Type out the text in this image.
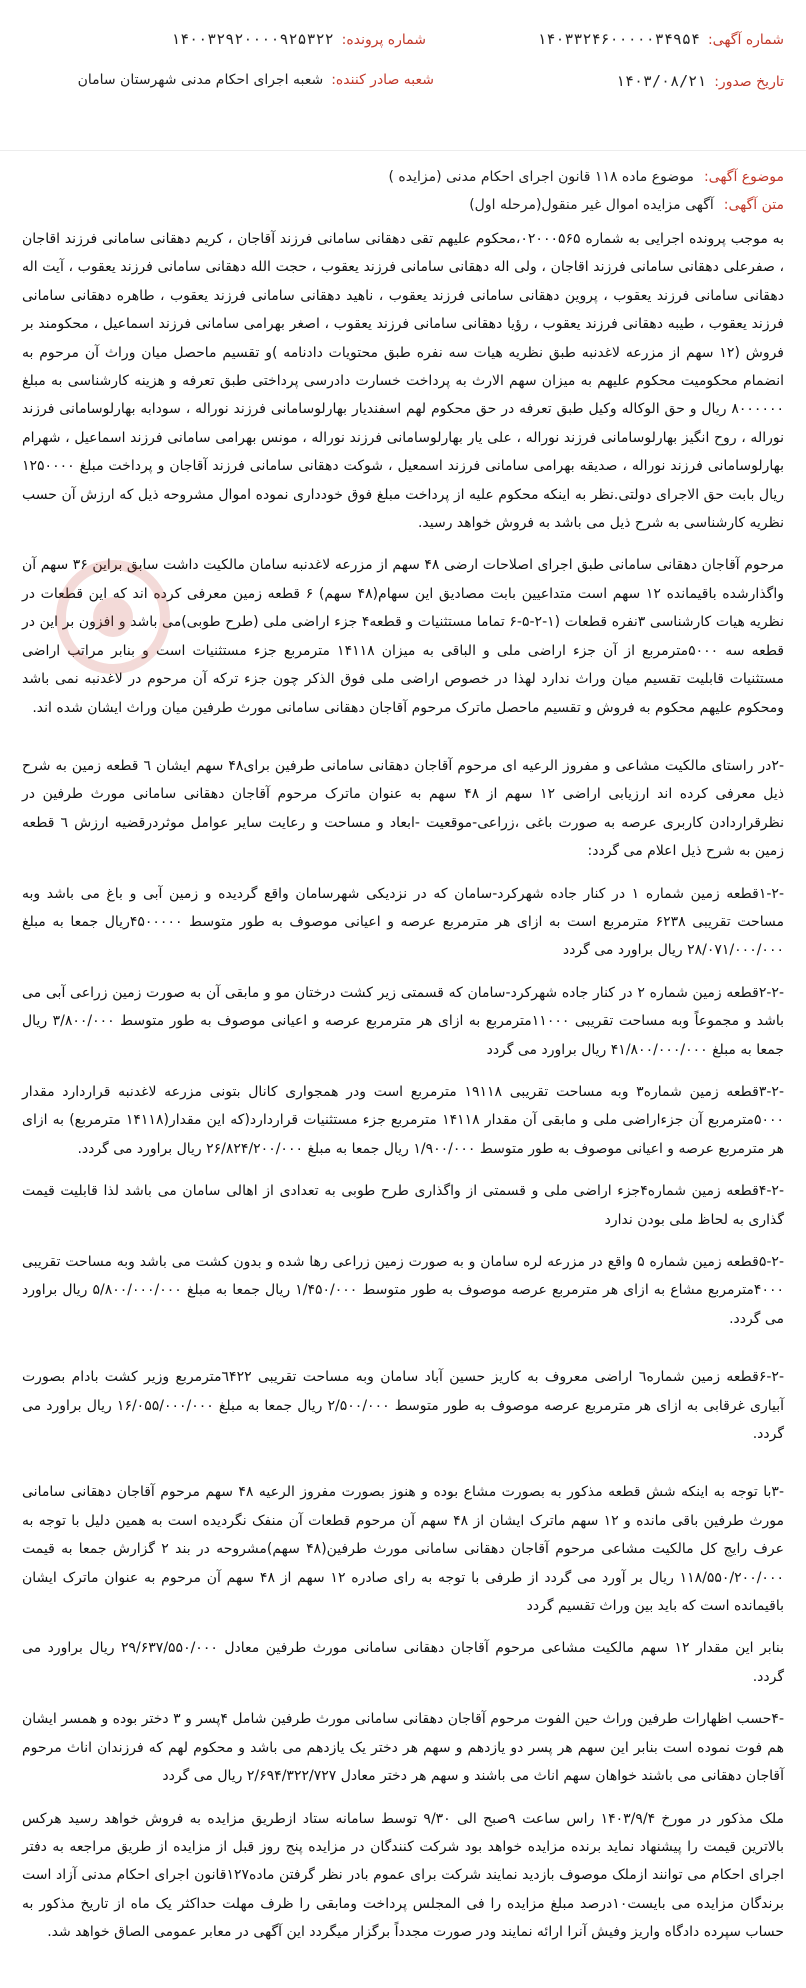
شماره آگهی:
۱۴۰۳۳۲۴۶۰۰۰۰۰۳۴۹۵۴
شماره پرونده:
۱۴۰۰۳۲۹۲۰۰۰۰۹۲۵۳۲۲
تاریخ صدور:
۱۴۰۳/۰۸/۲۱
شعبه صادر کننده:
شعبه اجرای احکام مدنی شهرستان سامان
موضوع آگهی:
موضوع ماده ۱۱۸ قانون اجرای احکام مدنی (مزایده )
متن آگهی:
آگهی مزایده اموال غیر منقول(مرحله اول)

به موجب پرونده اجرایی به شماره ۰۲۰۰۰۵۶۵،محکوم علیهم تقی دهقانی سامانی فرزند آقاجان ، کریم دهقانی سامانی فرزند اقاجان ، صفرعلی دهقانی سامانی فرزند اقاجان ، ولی اله دهقانی سامانی فرزند یعقوب ، حجت الله دهقانی سامانی فرزند یعقوب ، آیت اله دهقانی سامانی فرزند یعقوب ، پروین دهقانی سامانی فرزند یعقوب ، ناهید دهقانی سامانی فرزند یعقوب ، طاهره دهقانی سامانی فرزند یعقوب ، طیبه دهقانی فرزند یعقوب ، رؤیا دهقانی سامانی فرزند یعقوب ، اصغر بهرامی سامانی فرزند اسماعیل ، محکومند بر فروش (۱۲ سهم از مزرعه لاغدنبه طبق نظریه هیات سه نفره طبق محتویات دادنامه )و تقسیم ماحصل میان وراث آن مرحوم به انضمام محکومیت محکوم علیهم به میزان سهم الارث به پرداخت خسارت دادرسی پرداختی طبق تعرفه و هزینه کارشناسی به مبلغ ۸۰۰۰۰۰۰ ریال و حق الوکاله وکیل طبق تعرفه در حق محکوم لهم اسفندیار بهارلوسامانی فرزند نوراله ، سودابه بهارلوسامانی فرزند نوراله ، روح انگیز بهارلوسامانی فرزند نوراله ، علی یار بهارلوسامانی فرزند نوراله ، مونس بهرامی سامانی فرزند اسماعیل ، شهرام بهارلوسامانی فرزند نوراله ، صدیقه بهرامی سامانی فرزند اسمعیل ، شوکت دهقانی سامانی فرزند آقاجان و پرداخت مبلغ ۱۲۵۰۰۰۰ ریال بابت حق الاجرای دولتی.نظر به اینکه محکوم علیه از پرداخت مبلغ فوق خودداری نموده اموال مشروحه ذیل که ارزش آن حسب نظریه کارشناسی به شرح ذیل می باشد به فروش خواهد رسید.

مرحوم آقاجان دهقانی سامانی طبق اجرای اصلاحات ارضی ۴۸ سهم از مزرعه لاغدنبه سامان مالکیت داشت سابق براین ۳۶ سهم آن واگذارشده باقیمانده ۱۲ سهم است متداعیین بابت مصادیق این سهام(۴۸ سهم) ۶ قطعه زمین معرفی کرده اند که این قطعات در نظریه هیات کارشناسی ۳نفره قطعات (۱-۲-۵-۶ تماما مستثنیات و قطعه۴ جزء اراضی ملی (طرح طوبی)می باشد و افزون بر این در قطعه سه ۵۰۰۰مترمربع از آن جزء اراضی ملی و الباقی به میزان ۱۴۱۱۸ مترمربع جزء مستثنیات است و بنابر مراتب اراضی مستثنیات قابلیت تقسیم میان وراث ندارد لهذا در خصوص اراضی ملی فوق الذکر چون جزء ترکه آن مرحوم در لاغدنبه نمی باشد ومحکوم علیهم محکوم به فروش و تقسیم ماحصل ماترک مرحوم آقاجان دهقانی سامانی مورث طرفین میان وراث ایشان شده اند.

-۲در راستای مالکیت مشاعی و مفروز الرعیه ای مرحوم آقاجان دهقانی سامانی طرفین برای۴۸ سهم ایشان ٦ قطعه زمین به شرح ذیل معرفی کرده اند ارزیابی اراضی ۱۲ سهم از ۴۸ سهم به عنوان ماترک مرحوم آقاجان دهقانی سامانی مورث طرفین در نظرقراردادن کاربری عرصه به صورت باغی ،زراعی-موقعیت -ابعاد و مساحت و رعایت سایر عوامل موثردرقضیه ارزش ٦ قطعه زمین به شرح ذیل اعلام می گردد:

-۱-۲قطعه زمین شماره ۱ در کنار جاده شهرکرد-سامان که در نزدیکی شهرسامان واقع گردیده و زمین آبی و باغ می باشد وبه مساحت تقریبی ۶۲۳۸ مترمربع است به ازای هر مترمربع عرصه و اعیانی موصوف به طور متوسط ۴۵۰۰۰۰۰ریال جمعا به مبلغ ۲۸/۰۷۱/۰۰۰/۰۰۰ ریال براورد می گردد

-۲-۲قطعه زمین شماره ۲ در کنار جاده شهرکرد-سامان که قسمتی زیر کشت درختان مو و مابقی آن به صورت زمین زراعی آبی می باشد و مجموعاً وبه مساحت تقریبی ۱۱۰۰۰مترمربع به ازای هر مترمربع عرصه و اعیانی موصوف به طور متوسط ۳/۸۰۰/۰۰۰ ریال جمعا به مبلغ ۴۱/۸۰۰/۰۰۰/۰۰۰ ریال براورد می گردد

-۳-۲قطعه زمین شماره۳ وبه مساحت تقریبی ۱۹۱۱۸ مترمربع است ودر همجواری کانال بتونی مزرعه لاغدنبه قراردارد مقدار ۵۰۰۰مترمربع آن جزءاراضی ملی و مابقی آن مقدار ۱۴۱۱۸ مترمربع جزء مستثنیات قراردارد(که این مقدار(۱۴۱۱۸ مترمربع) به ازای هر مترمربع عرصه و اعیانی موصوف به طور متوسط ۱/۹۰۰/۰۰۰ ریال جمعا به مبلغ ۲۶/۸۲۴/۲۰۰/۰۰۰ ریال براورد می گردد.

-۴-۲قطعه زمین شماره۴جزء اراضی ملی و قسمتی از واگذاری طرح طوبی به تعدادی از اهالی سامان می باشد لذا قابلیت قیمت گذاری به لحاظ ملی بودن ندارد

-۵-۲قطعه زمین شماره ۵ واقع در مزرعه لره سامان و به صورت زمین زراعی رها شده و بدون کشت می باشد وبه مساحت تقریبی ۴۰۰۰مترمربع مشاع به ازای هر مترمربع عرصه موصوف به طور متوسط ۱/۴۵۰/۰۰۰ ریال جمعا به مبلغ ۵/۸۰۰/۰۰۰/۰۰۰ ریال براورد می گردد.

-۶-۲قطعه زمین شماره٦ اراضی معروف به کاریز حسین آباد سامان وبه مساحت تقریبی ٦۴۲۲مترمربع وزیر کشت بادام بصورت آبیاری غرقابی به ازای هر مترمربع عرصه موصوف به طور متوسط ۲/۵۰۰/۰۰۰ ریال جمعا به مبلغ ۱۶/۰۵۵/۰۰۰/۰۰۰ ریال براورد می گردد.

-۳با توجه به اینکه شش قطعه مذکور به بصورت مشاع بوده و هنوز بصورت مفروز الرعیه ۴۸ سهم مرحوم آقاجان دهقانی سامانی مورث طرفین باقی مانده و ۱۲ سهم ماترک ایشان از ۴۸ سهم آن مرحوم قطعات آن منفک نگردیده است به همین دلیل با توجه به عرف رایج کل مالکیت مشاعی مرحوم آقاجان دهقانی سامانی مورث طرفین(۴۸ سهم)مشروحه در بند ۲ گزارش جمعا به قیمت ۱۱۸/۵۵۰/۲۰۰/۰۰۰ ریال بر آورد می گردد از طرفی با توجه به رای صادره ۱۲ سهم از ۴۸ سهم آن مرحوم به عنوان ماترک ایشان باقیمانده است که باید بین وراث تقسیم گردد

بنابر این مقدار ۱۲ سهم مالکیت مشاعی مرحوم آقاجان دهقانی سامانی مورث طرفین معادل ۲۹/۶۳۷/۵۵۰/۰۰۰ ریال براورد می گردد.

-۴حسب اظهارات طرفین وراث حین الفوت مرحوم آقاجان دهقانی سامانی مورث طرفین شامل ۴پسر و ۳ دختر بوده و همسر ایشان هم فوت نموده است بنابر این سهم هر پسر دو یازدهم و سهم هر دختر یک یازدهم می باشد و محکوم لهم که فرزندان اناث مرحوم آقاجان دهقانی می باشند خواهان سهم اناث می باشند و سهم هر دختر معادل ۲/۶۹۴/۳۲۲/۷۲۷ ریال می گردد

ملک مذکور در مورخ ۱۴۰۳/۹/۴ راس ساعت ۹صبح الی ۹/۳۰ توسط سامانه ستاد ازطریق مزایده به فروش خواهد رسید هرکس بالاترین قیمت را پیشنهاد نماید برنده مزایده خواهد بود شرکت کنندگان در مزایده پنج روز قبل از مزایده از طریق مراجعه به دفتر اجرای احکام می توانند ازملک موصوف بازدید نمایند شرکت برای عموم بادر نظر گرفتن ماده۱۲۷قانون اجرای احکام مدنی آزاد است برندگان مزایده می بایست۱۰درصد مبلغ مزایده را فی المجلس پرداخت ومابقی را ظرف مهلت حداکثر یک ماه از تاریخ مذکور به حساب سپرده دادگاه واریز وفیش آنرا ارائه نمایند ودر صورت مجدداً برگزار میگردد این آگهی در معابر عمومی الصاق خواهد شد.
